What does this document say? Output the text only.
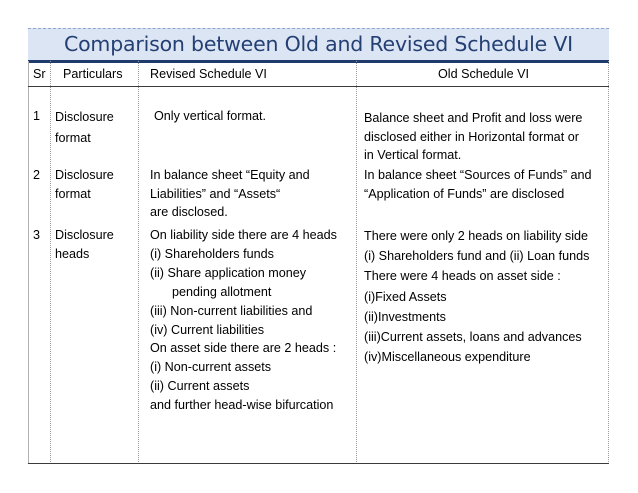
Comparison between Old and Revised Schedule VI
Sr Particulars Revised Schedule VI	Old Schedule VI
1 Disclosure
format
Only vertical format.	Balance sheet and Profit and loss were
disclosed either in Horizontal format or
in Vertical format.
2 Disclosure
format
In balance sheet “Equity and
Liabilities” and “Assets“
are disclosed.
In balance sheet “Sources of Funds” and
“Application of Funds” are disclosed
3 Disclosure
heads
On liability side there are 4 heads
(i) Shareholders funds
(ii) Share application money
pending allotment
(iii) Non-current liabilities and
(iv) Current liabilities
On asset side there are 2 heads :
(i) Non-current assets
(ii) Current assets
and further head-wise bifurcation
There were only 2 heads on liability side
(i) Shareholders fund and (ii) Loan funds
There were 4 heads on asset side :
(i)Fixed Assets
(ii)Investments
(iii)Current assets, loans and advances
(iv)Miscellaneous expenditure
